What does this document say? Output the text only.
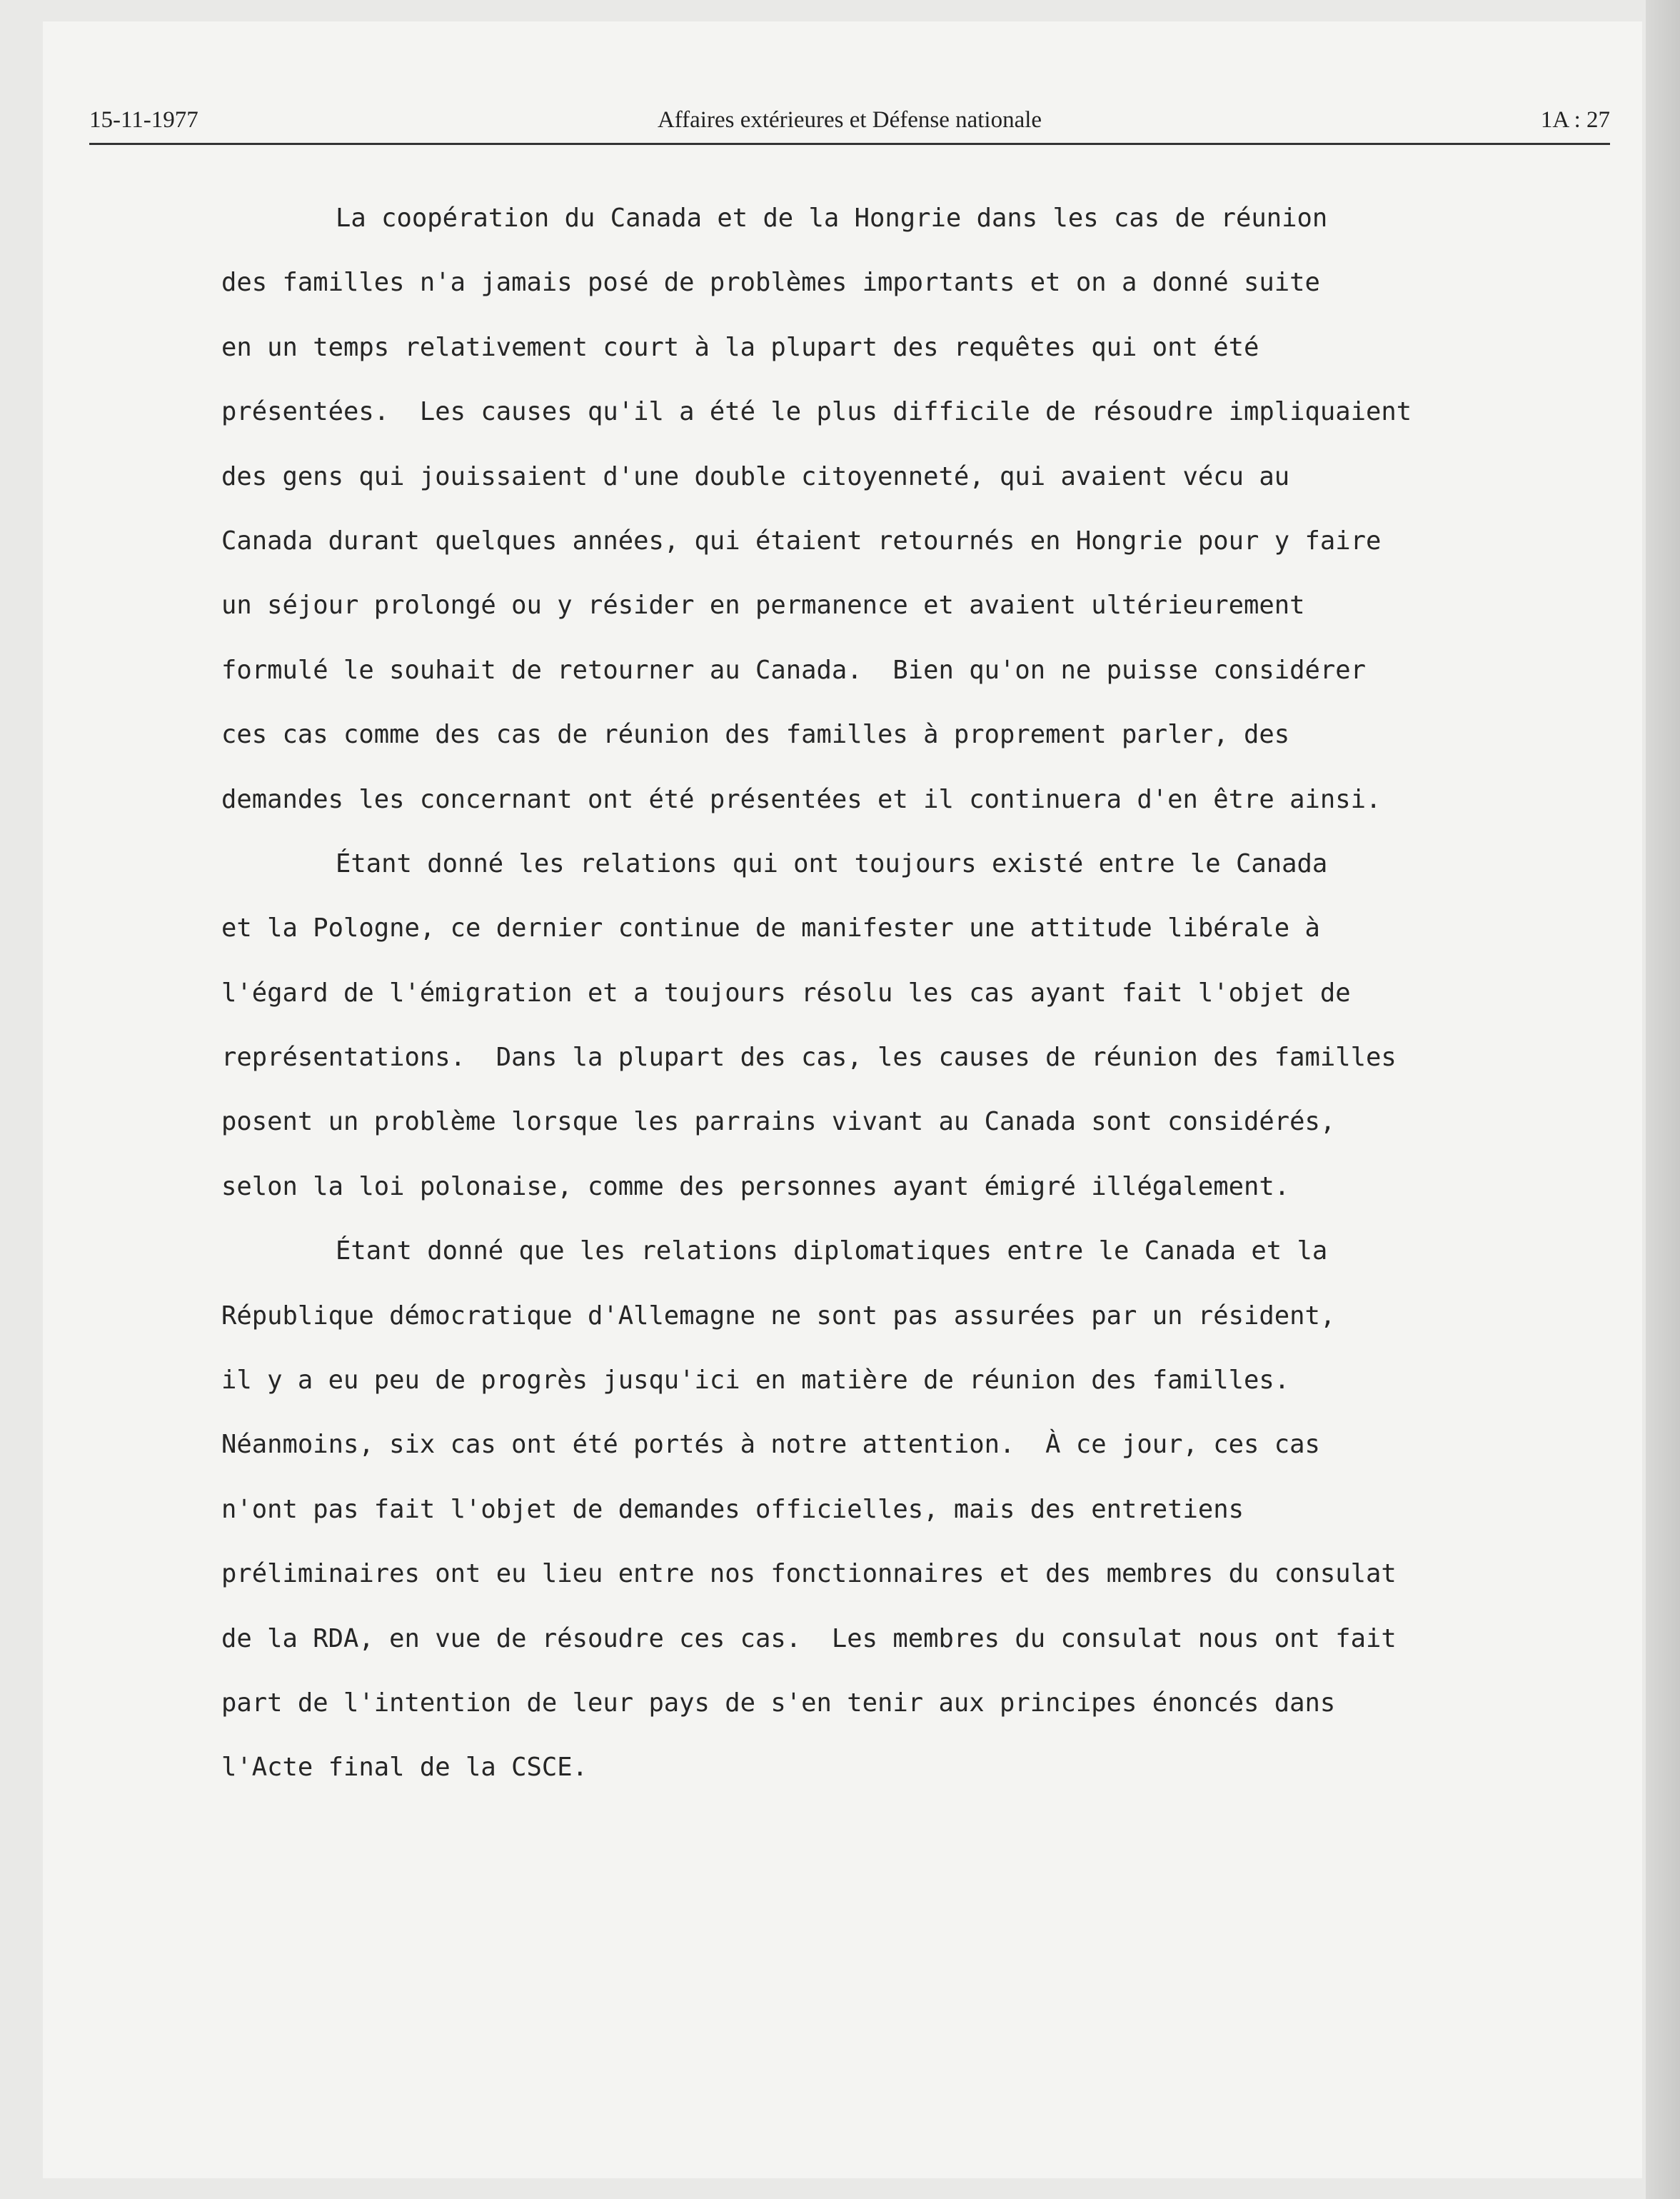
15-11-1977	Affaires extérieures et Défense nationale	1A : 27
La coopération du Canada et de la Hongrie dans les cas de réunion
des familles n'a jamais posé de problèmes importants et on a donné suite
en un temps relativement court à la plupart des requêtes qui ont été
présentées.  Les causes qu'il a été le plus difficile de résoudre impliquaient
des gens qui jouissaient d'une double citoyenneté, qui avaient vécu au
Canada durant quelques années, qui étaient retournés en Hongrie pour y faire
un séjour prolongé ou y résider en permanence et avaient ultérieurement
formulé le souhait de retourner au Canada.  Bien qu'on ne puisse considérer
ces cas comme des cas de réunion des familles à proprement parler, des
demandes les concernant ont été présentées et il continuera d'en être ainsi.
Étant donné les relations qui ont toujours existé entre le Canada
et la Pologne, ce dernier continue de manifester une attitude libérale à
l'égard de l'émigration et a toujours résolu les cas ayant fait l'objet de
représentations.  Dans la plupart des cas, les causes de réunion des familles
posent un problème lorsque les parrains vivant au Canada sont considérés,
selon la loi polonaise, comme des personnes ayant émigré illégalement.
Étant donné que les relations diplomatiques entre le Canada et la
République démocratique d'Allemagne ne sont pas assurées par un résident,
il y a eu peu de progrès jusqu'ici en matière de réunion des familles.
Néanmoins, six cas ont été portés à notre attention.  À ce jour, ces cas
n'ont pas fait l'objet de demandes officielles, mais des entretiens
préliminaires ont eu lieu entre nos fonctionnaires et des membres du consulat
de la RDA, en vue de résoudre ces cas.  Les membres du consulat nous ont fait
part de l'intention de leur pays de s'en tenir aux principes énoncés dans
l'Acte final de la CSCE.
